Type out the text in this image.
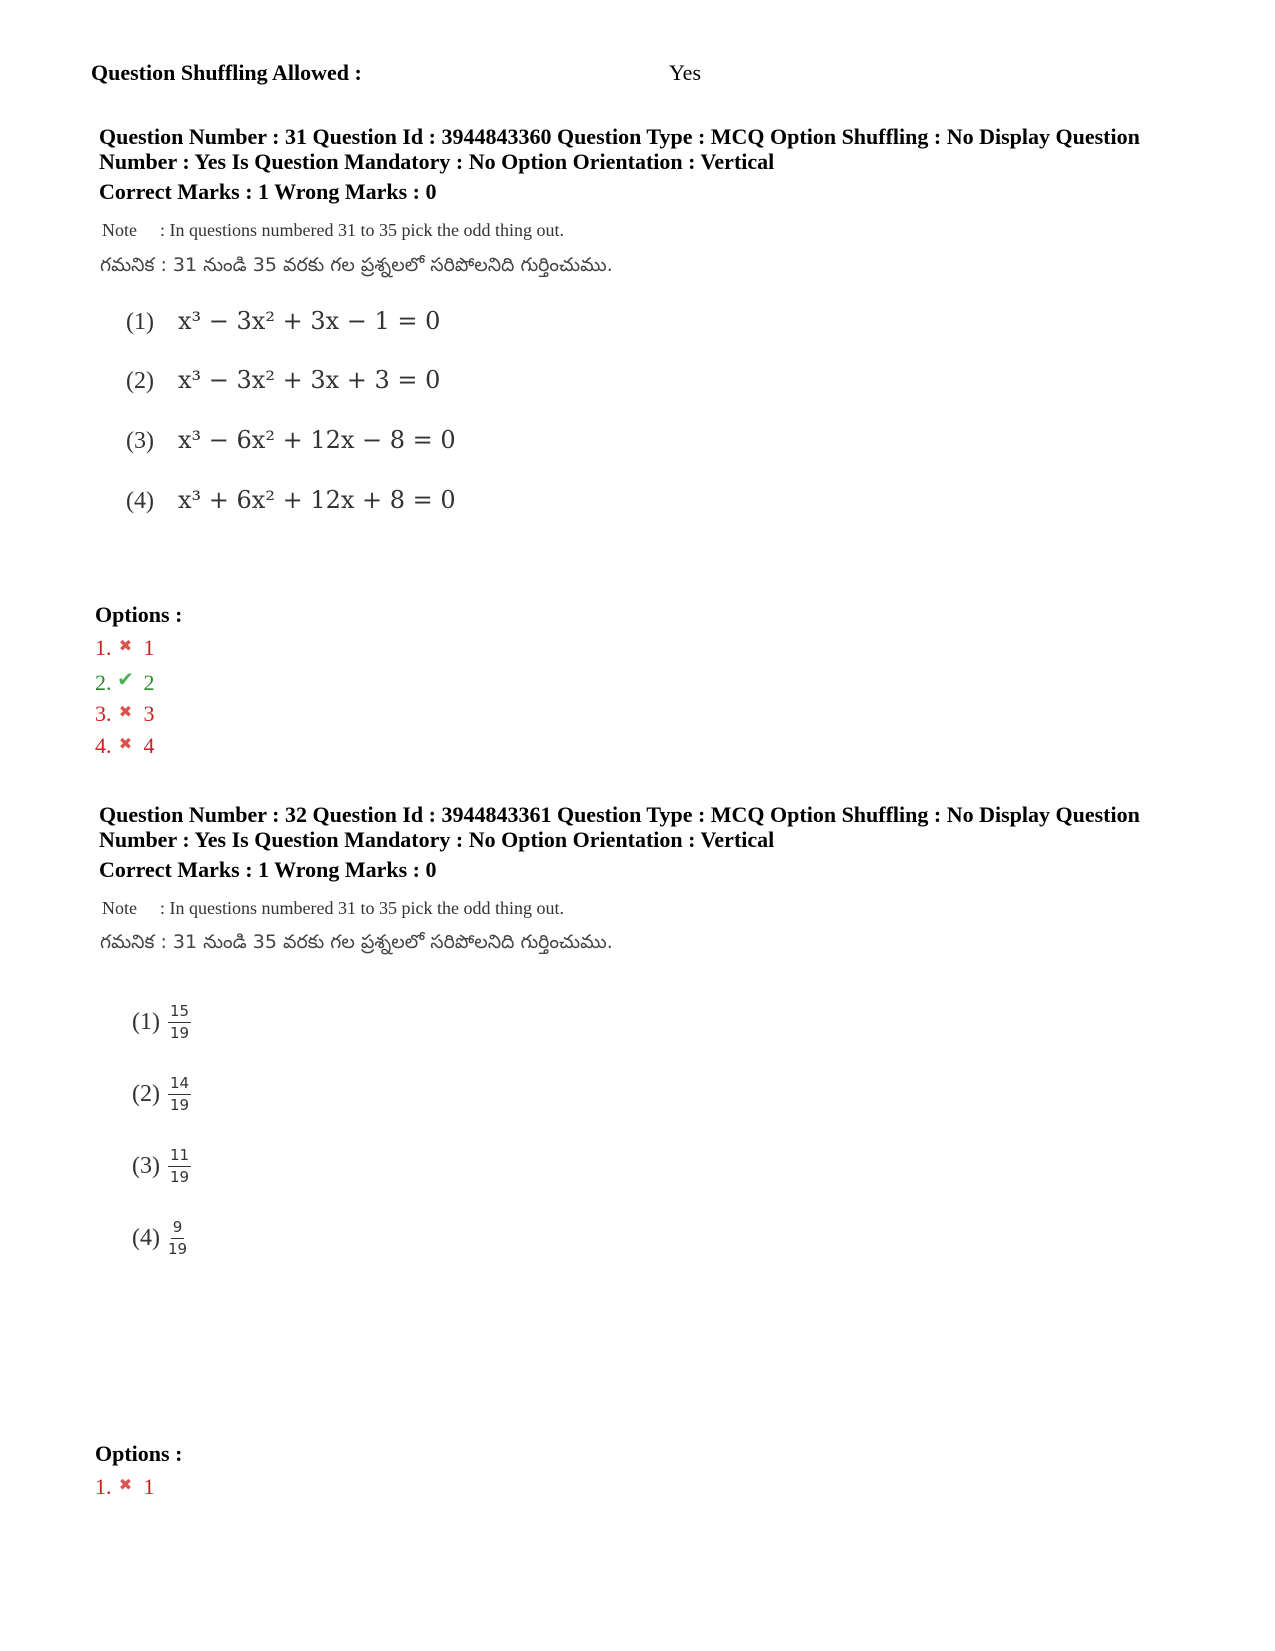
Question Shuffling Allowed :	Yes
Question Number : 31 Question Id : 3944843360 Question Type : MCQ Option Shuffling : No Display Question
Number : Yes Is Question Mandatory : No Option Orientation : Vertical
Correct Marks : 1 Wrong Marks : 0
Note : In questions numbered 31 to 35 pick the odd thing out.
గమనిక : 31 నుండి 35 వరకు గల ప్రశ్నలలో సరిపోలనిది గుర్తించుము.
(1) x³ − 3x² + 3x − 1 = 0
(2) x³ − 3x² + 3x + 3 = 0
(3) x³ − 6x² + 12x − 8 = 0
(4) x³ + 6x² + 12x + 8 = 0
Options :
1. ✖ 1
2. ✔ 2
3. ✖ 3
4. ✖ 4
Question Number : 32 Question Id : 3944843361 Question Type : MCQ Option Shuffling : No Display Question
Number : Yes Is Question Mandatory : No Option Orientation : Vertical
Correct Marks : 1 Wrong Marks : 0
Note : In questions numbered 31 to 35 pick the odd thing out.
గమనిక : 31 నుండి 35 వరకు గల ప్రశ్నలలో సరిపోలనిది గుర్తించుము.
$(1) \frac{15}{19}$
$(2) \frac{14}{19}$
$(3) \frac{11}{19}$
$(4) \frac{9}{19}$
Options :
1. ✖ 1
